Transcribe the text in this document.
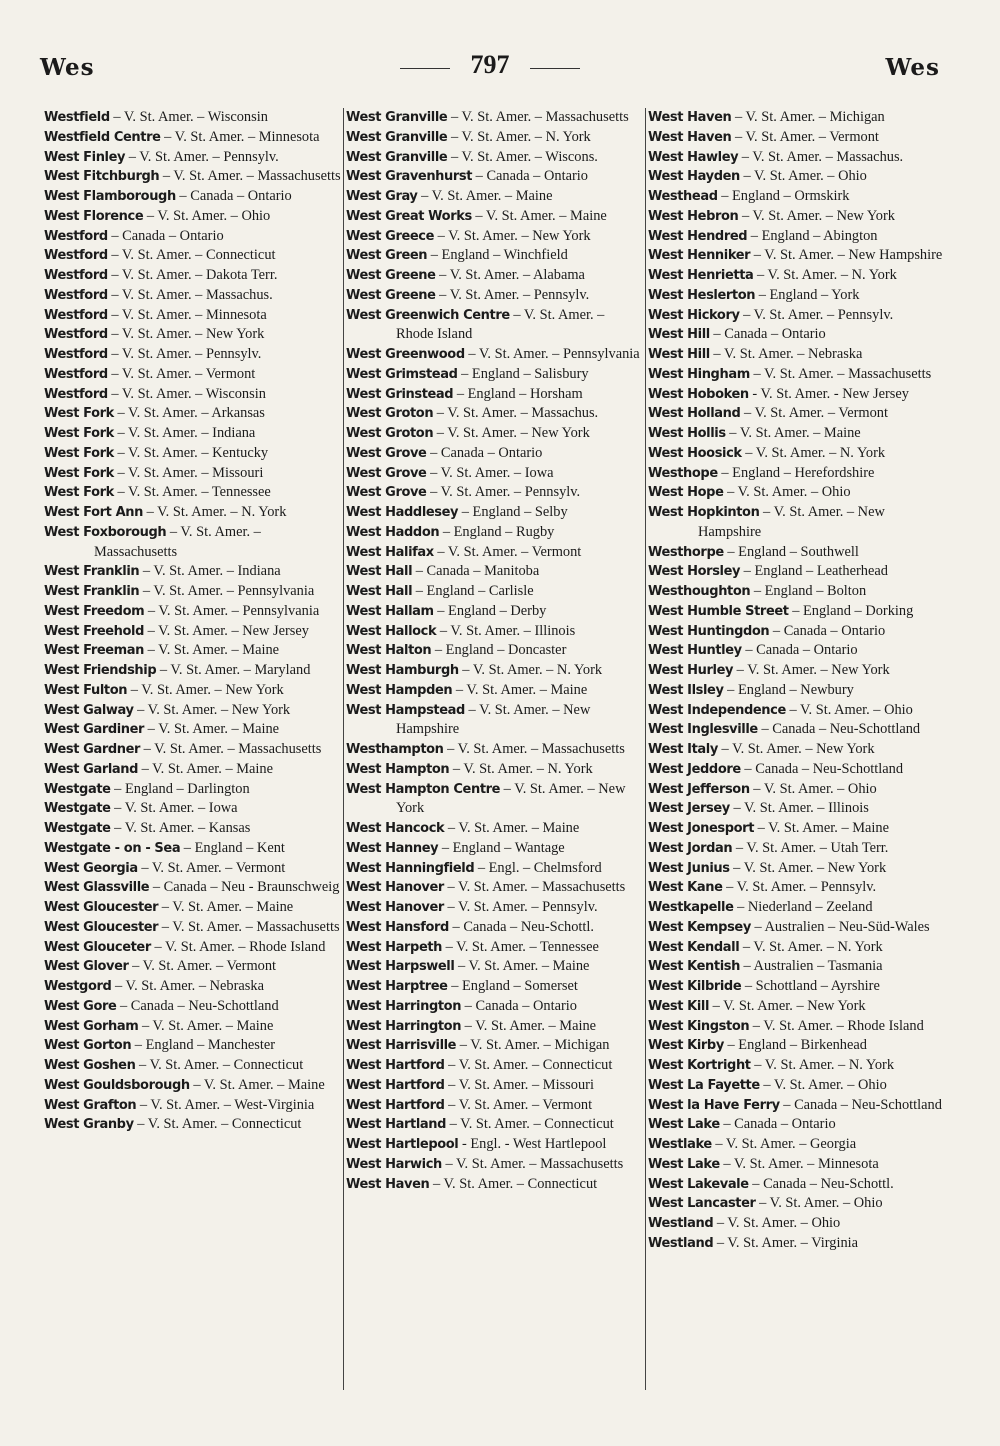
Wes	797	Wes
Westfield – V. St. Amer. – Wisconsin
Westfield Centre – V. St. Amer. – Minnesota
West Finley – V. St. Amer. – Pennsylv.
West Fitchburgh – V. St. Amer. – Massachusetts
West Flamborough – Canada – Ontario
West Florence – V. St. Amer. – Ohio
Westford – Canada – Ontario
Westford – V. St. Amer. – Connecticut
Westford – V. St. Amer. – Dakota Terr.
Westford – V. St. Amer. – Massachus.
Westford – V. St. Amer. – Minnesota
Westford – V. St. Amer. – New York
Westford – V. St. Amer. – Pennsylv.
Westford – V. St. Amer. – Vermont
Westford – V. St. Amer. – Wisconsin
West Fork – V. St. Amer. – Arkansas
West Fork – V. St. Amer. – Indiana
West Fork – V. St. Amer. – Kentucky
West Fork – V. St. Amer. – Missouri
West Fork – V. St. Amer. – Tennessee
West Fort Ann – V. St. Amer. – N. York
West Foxborough – V. St. Amer. – Massachusetts
West Franklin – V. St. Amer. – Indiana
West Franklin – V. St. Amer. – Pennsylvania
West Freedom – V. St. Amer. – Pennsylvania
West Freehold – V. St. Amer. – New Jersey
West Freeman – V. St. Amer. – Maine
West Friendship – V. St. Amer. – Maryland
West Fulton – V. St. Amer. – New York
West Galway – V. St. Amer. – New York
West Gardiner – V. St. Amer. – Maine
West Gardner – V. St. Amer. – Massachusetts
West Garland – V. St. Amer. – Maine
Westgate – England – Darlington
Westgate – V. St. Amer. – Iowa
Westgate – V. St. Amer. – Kansas
Westgate - on - Sea – England – Kent
West Georgia – V. St. Amer. – Vermont
West Glassville – Canada – Neu - Braunschweig
West Gloucester – V. St. Amer. – Maine
West Gloucester – V. St. Amer. – Massachusetts
West Glouceter – V. St. Amer. – Rhode Island
West Glover – V. St. Amer. – Vermont
Westgord – V. St. Amer. – Nebraska
West Gore – Canada – Neu-Schottland
West Gorham – V. St. Amer. – Maine
West Gorton – England – Manchester
West Goshen – V. St. Amer. – Connecticut
West Gouldsborough – V. St. Amer. – Maine
West Grafton – V. St. Amer. – West-Virginia
West Granby – V. St. Amer. – Connecticut
West Granville – V. St. Amer. – Massachusetts
West Granville – V. St. Amer. – N. York
West Granville – V. St. Amer. – Wiscons.
West Gravenhurst – Canada – Ontario
West Gray – V. St. Amer. – Maine
West Great Works – V. St. Amer. – Maine
West Greece – V. St. Amer. – New York
West Green – England – Winchfield
West Greene – V. St. Amer. – Alabama
West Greene – V. St. Amer. – Pennsylv.
West Greenwich Centre – V. St. Amer. – Rhode Island
West Greenwood – V. St. Amer. – Pennsylvania
West Grimstead – England – Salisbury
West Grinstead – England – Horsham
West Groton – V. St. Amer. – Massachus.
West Groton – V. St. Amer. – New York
West Grove – Canada – Ontario
West Grove – V. St. Amer. – Iowa
West Grove – V. St. Amer. – Pennsylv.
West Haddlesey – England – Selby
West Haddon – England – Rugby
West Halifax – V. St. Amer. – Vermont
West Hall – Canada – Manitoba
West Hall – England – Carlisle
West Hallam – England – Derby
West Hallock – V. St. Amer. – Illinois
West Halton – England – Doncaster
West Hamburgh – V. St. Amer. – N. York
West Hampden – V. St. Amer. – Maine
West Hampstead – V. St. Amer. – New Hampshire
Westhampton – V. St. Amer. – Massachusetts
West Hampton – V. St. Amer. – N. York
West Hampton Centre – V. St. Amer. – New York
West Hancock – V. St. Amer. – Maine
West Hanney – England – Wantage
West Hanningfield – Engl. – Chelmsford
West Hanover – V. St. Amer. – Massachusetts
West Hanover – V. St. Amer. – Pennsylv.
West Hansford – Canada – Neu-Schottl.
West Harpeth – V. St. Amer. – Tennessee
West Harpswell – V. St. Amer. – Maine
West Harptree – England – Somerset
West Harrington – Canada – Ontario
West Harrington – V. St. Amer. – Maine
West Harrisville – V. St. Amer. – Michigan
West Hartford – V. St. Amer. – Connecticut
West Hartford – V. St. Amer. – Missouri
West Hartford – V. St. Amer. – Vermont
West Hartland – V. St. Amer. – Connecticut
West Hartlepool - Engl. - West Hartlepool
West Harwich – V. St. Amer. – Massachusetts
West Haven – V. St. Amer. – Connecticut
West Haven – V. St. Amer. – Michigan
West Haven – V. St. Amer. – Vermont
West Hawley – V. St. Amer. – Massachus.
West Hayden – V. St. Amer. – Ohio
Westhead – England – Ormskirk
West Hebron – V. St. Amer. – New York
West Hendred – England – Abington
West Henniker – V. St. Amer. – New Hampshire
West Henrietta – V. St. Amer. – N. York
West Heslerton – England – York
West Hickory – V. St. Amer. – Pennsylv.
West Hill – Canada – Ontario
West Hill – V. St. Amer. – Nebraska
West Hingham – V. St. Amer. – Massachusetts
West Hoboken - V. St. Amer. - New Jersey
West Holland – V. St. Amer. – Vermont
West Hollis – V. St. Amer. – Maine
West Hoosick – V. St. Amer. – N. York
Westhope – England – Herefordshire
West Hope – V. St. Amer. – Ohio
West Hopkinton – V. St. Amer. – New Hampshire
Westhorpe – England – Southwell
West Horsley – England – Leatherhead
Westhoughton – England – Bolton
West Humble Street – England – Dorking
West Huntingdon – Canada – Ontario
West Huntley – Canada – Ontario
West Hurley – V. St. Amer. – New York
West Ilsley – England – Newbury
West Independence – V. St. Amer. – Ohio
West Inglesville – Canada – Neu-Schottland
West Italy – V. St. Amer. – New York
West Jeddore – Canada – Neu-Schottland
West Jefferson – V. St. Amer. – Ohio
West Jersey – V. St. Amer. – Illinois
West Jonesport – V. St. Amer. – Maine
West Jordan – V. St. Amer. – Utah Terr.
West Junius – V. St. Amer. – New York
West Kane – V. St. Amer. – Pennsylv.
Westkapelle – Niederland – Zeeland
West Kempsey – Australien – Neu-Süd-Wales
West Kendall – V. St. Amer. – N. York
West Kentish – Australien – Tasmania
West Kilbride – Schottland – Ayrshire
West Kill – V. St. Amer. – New York
West Kingston – V. St. Amer. – Rhode Island
West Kirby – England – Birkenhead
West Kortright – V. St. Amer. – N. York
West La Fayette – V. St. Amer. – Ohio
West la Have Ferry – Canada – Neu-Schottland
West Lake – Canada – Ontario
Westlake – V. St. Amer. – Georgia
West Lake – V. St. Amer. – Minnesota
West Lakevale – Canada – Neu-Schottl.
West Lancaster – V. St. Amer. – Ohio
Westland – V. St. Amer. – Ohio
Westland – V. St. Amer. – Virginia
